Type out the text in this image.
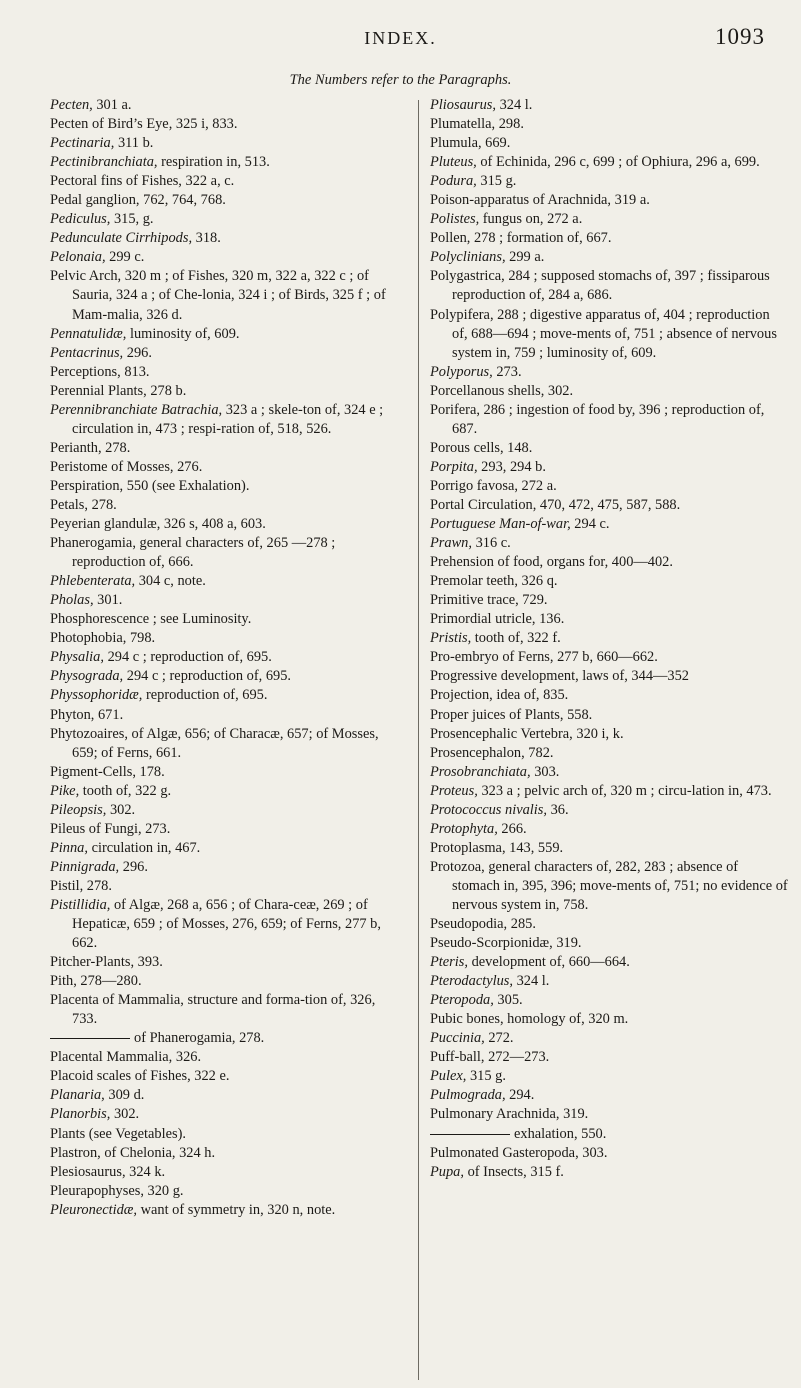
INDEX.	1093
The Numbers refer to the Paragraphs.
Pecten, 301 a.
Pecten of Bird’s Eye, 325 i, 833.
Pectinaria, 311 b.
Pectinibranchiata, respiration in, 513.
Pectoral fins of Fishes, 322 a, c.
Pedal ganglion, 762, 764, 768.
Pediculus, 315, g.
Pedunculate Cirrhipods, 318.
Pelonaia, 299 c.
Pelvic Arch, 320 m ; of Fishes, 320 m, 322 a, 322 c ; of Sauria, 324 a ; of Che-lonia, 324 i ; of Birds, 325 f ; of Mam-malia, 326 d.
Pennatulidæ, luminosity of, 609.
Pentacrinus, 296.
Perceptions, 813.
Perennial Plants, 278 b.
Perennibranchiate Batrachia, 323 a ; skele-ton of, 324 e ; circulation in, 473 ; respi-ration of, 518, 526.
Perianth, 278.
Peristome of Mosses, 276.
Perspiration, 550 (see Exhalation).
Petals, 278.
Peyerian glandulæ, 326 s, 408 a, 603.
Phanerogamia, general characters of, 265 —278 ; reproduction of, 666.
Phlebenterata, 304 c, note.
Pholas, 301.
Phosphorescence ; see Luminosity.
Photophobia, 798.
Physalia, 294 c ; reproduction of, 695.
Physograda, 294 c ; reproduction of, 695.
Physsophoridæ, reproduction of, 695.
Phyton, 671.
Phytozoaires, of Algæ, 656; of Characæ, 657; of Mosses, 659; of Ferns, 661.
Pigment-Cells, 178.
Pike, tooth of, 322 g.
Pileopsis, 302.
Pileus of Fungi, 273.
Pinna, circulation in, 467.
Pinnigrada, 296.
Pistil, 278.
Pistillidia, of Algæ, 268 a, 656 ; of Chara-ceæ, 269 ; of Hepaticæ, 659 ; of Mosses, 276, 659; of Ferns, 277 b, 662.
Pitcher-Plants, 393.
Pith, 278—280.
Placenta of Mammalia, structure and forma-tion of, 326, 733.
of Phanerogamia, 278.
Placental Mammalia, 326.
Placoid scales of Fishes, 322 e.
Planaria, 309 d.
Planorbis, 302.
Plants (see Vegetables).
Plastron, of Chelonia, 324 h.
Plesiosaurus, 324 k.
Pleurapophyses, 320 g.
Pleuronectidæ, want of symmetry in, 320 n, note.
Pliosaurus, 324 l.
Plumatella, 298.
Plumula, 669.
Pluteus, of Echinida, 296 c, 699 ; of Ophiura, 296 a, 699.
Podura, 315 g.
Poison-apparatus of Arachnida, 319 a.
Polistes, fungus on, 272 a.
Pollen, 278 ; formation of, 667.
Polyclinians, 299 a.
Polygastrica, 284 ; supposed stomachs of, 397 ; fissiparous reproduction of, 284 a, 686.
Polypifera, 288 ; digestive apparatus of, 404 ; reproduction of, 688—694 ; move-ments of, 751 ; absence of nervous system in, 759 ; luminosity of, 609.
Polyporus, 273.
Porcellanous shells, 302.
Porifera, 286 ; ingestion of food by, 396 ; reproduction of, 687.
Porous cells, 148.
Porpita, 293, 294 b.
Porrigo favosa, 272 a.
Portal Circulation, 470, 472, 475, 587, 588.
Portuguese Man-of-war, 294 c.
Prawn, 316 c.
Prehension of food, organs for, 400—402.
Premolar teeth, 326 q.
Primitive trace, 729.
Primordial utricle, 136.
Pristis, tooth of, 322 f.
Pro-embryo of Ferns, 277 b, 660—662.
Progressive development, laws of, 344—352
Projection, idea of, 835.
Proper juices of Plants, 558.
Prosencephalic Vertebra, 320 i, k.
Prosencephalon, 782.
Prosobranchiata, 303.
Proteus, 323 a ; pelvic arch of, 320 m ; circu-lation in, 473.
Protococcus nivalis, 36.
Protophyta, 266.
Protoplasma, 143, 559.
Protozoa, general characters of, 282, 283 ; absence of stomach in, 395, 396; move-ments of, 751; no evidence of nervous system in, 758.
Pseudopodia, 285.
Pseudo-Scorpionidæ, 319.
Pteris, development of, 660—664.
Pterodactylus, 324 l.
Pteropoda, 305.
Pubic bones, homology of, 320 m.
Puccinia, 272.
Puff-ball, 272—273.
Pulex, 315 g.
Pulmograda, 294.
Pulmonary Arachnida, 319.
exhalation, 550.
Pulmonated Gasteropoda, 303.
Pupa, of Insects, 315 f.
